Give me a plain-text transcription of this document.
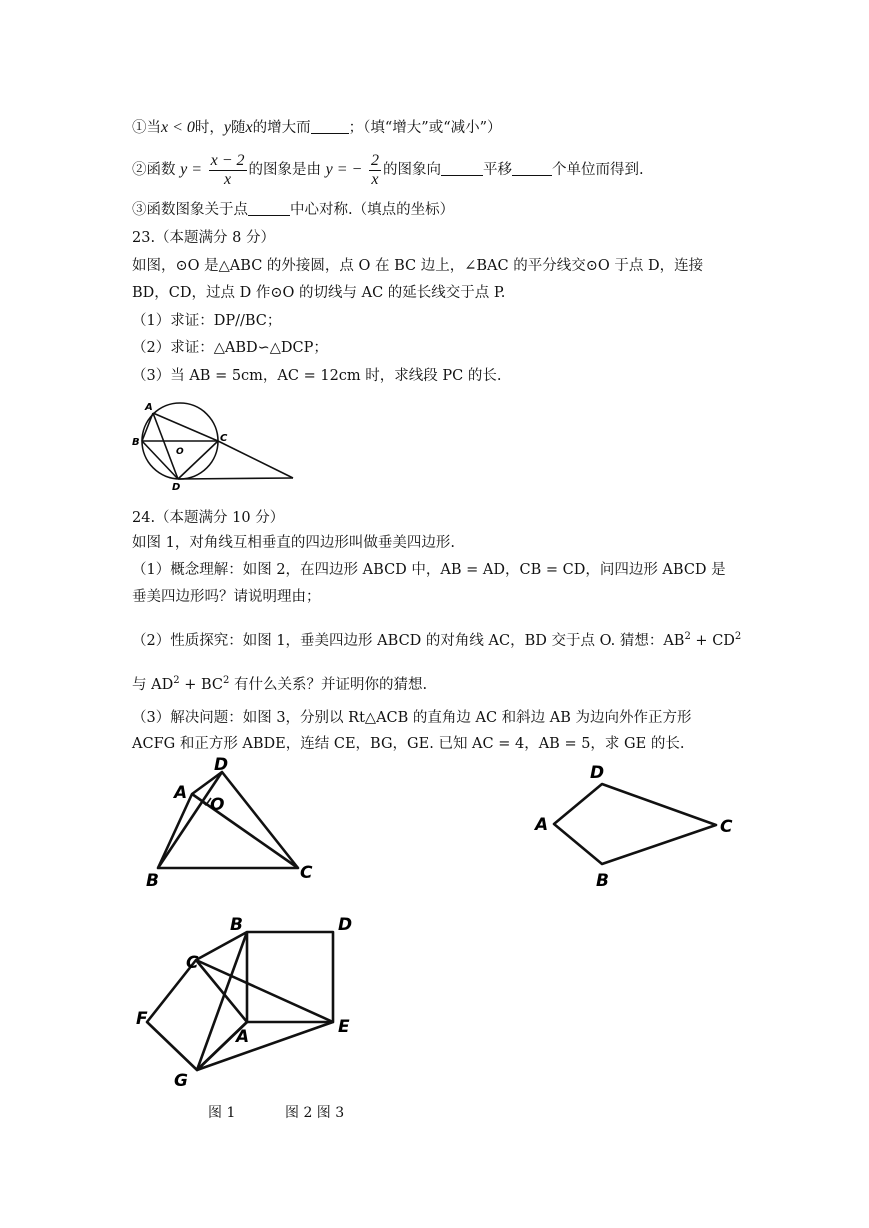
①当x < 0时，y随x的增大而	；（填“增大”或“减小”）
②函数 $y = \frac{x - 2}{x}$ 的图象是由 y = − $\frac{2}{x}$ 的图象向	平移	个单位而得到.
③函数图象关于点	中心对称.（填点的坐标）
23.（本题满分 8 分）
如图，⊙O 是△ABC 的外接圆，点 O 在 BC 边上，∠BAC 的平分线交⊙O 于点 D，连接
BD，CD，过点 D 作⊙O 的切线与 AC 的延长线交于点 P.
（1）求证：DP//BC；
（2）求证：△ABD∽△DCP；
（3）当 AB = 5cm，AC = 12cm 时，求线段 PC 的长.
A
B	C
O
D
24.（本题满分 10 分）
如图 1，对角线互相垂直的四边形叫做垂美四边形.
（1）概念理解：如图 2，在四边形 ABCD 中，AB = AD，CB = CD，问四边形 ABCD 是
垂美四边形吗？请说明理由；
（2）性质探究：如图 1，垂美四边形 ABCD 的对角线 AC，BD 交于点 O. 猜想：$AB^2 + CD^2$
与 $AD^2 + BC^2$ 有什么关系？并证明你的猜想.
（3）解决问题：如图 3，分别以 Rt△ACB 的直角边 AC 和斜边 AB 为边向外作正方形
ACFG 和正方形 ABDE，连结 CE，BG，GE. 已知 AC = 4，AB = 5，求 GE 的长.
D
A
O
B	C
D
A	C
B
B	D
C
F
A	E
G
图 1	图 2 图 3
